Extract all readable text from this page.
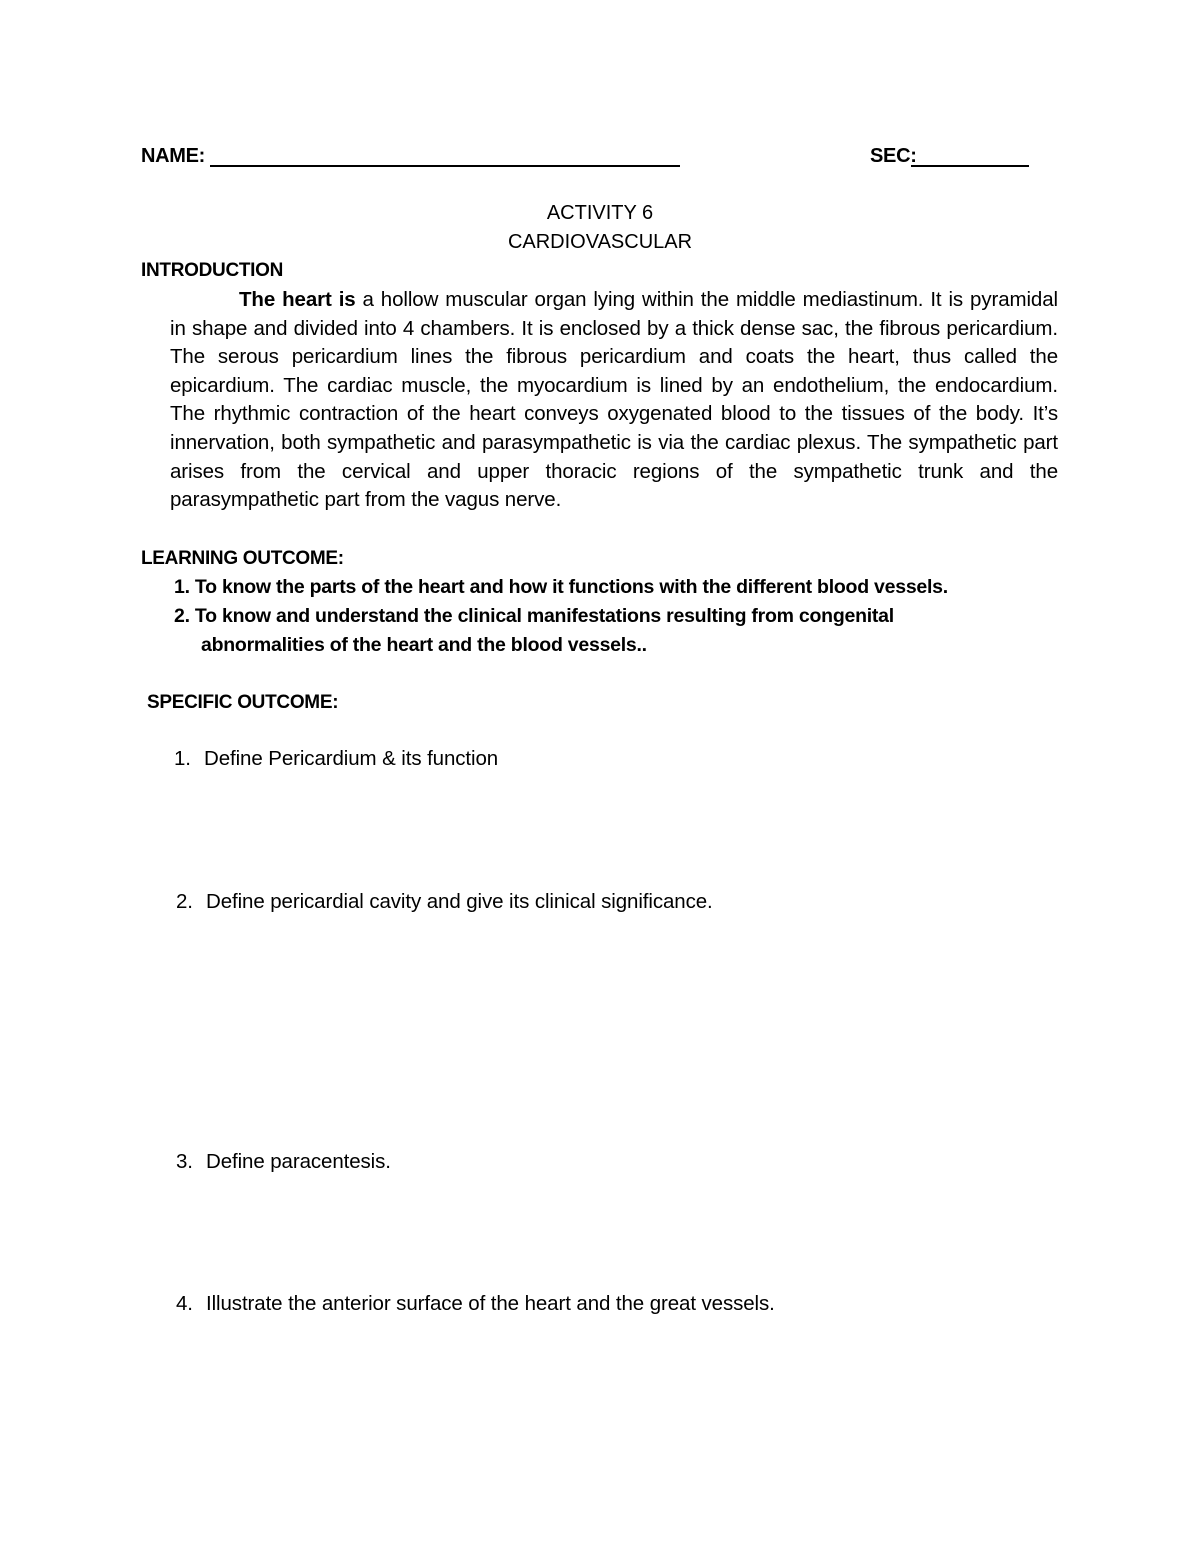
NAME:	SEC:
ACTIVITY 6
CARDIOVASCULAR
INTRODUCTION
The heart is a hollow muscular organ lying within the middle mediastinum. It is pyramidal in shape and divided into 4 chambers. It is enclosed by a thick dense sac, the fibrous pericardium. The serous pericardium lines the fibrous pericardium and coats the heart, thus called the epicardium. The cardiac muscle, the myocardium is lined by an endothelium, the endocardium. The rhythmic contraction of the heart conveys oxygenated blood to the tissues of the body. It’s innervation, both sympathetic and parasympathetic is via the cardiac plexus. The sympathetic part arises from the cervical and upper thoracic regions of the sympathetic trunk and the parasympathetic part from the vagus nerve.
LEARNING OUTCOME:
1. To know the parts of the heart and how it functions with the different blood vessels.
2. To know and understand the clinical manifestations resulting from congenital
abnormalities of the heart and the blood vessels..
SPECIFIC OUTCOME:
1. Define Pericardium & its function
2. Define pericardial cavity and give its clinical significance.
3. Define paracentesis.
4. Illustrate the anterior surface of the heart and the great vessels.
